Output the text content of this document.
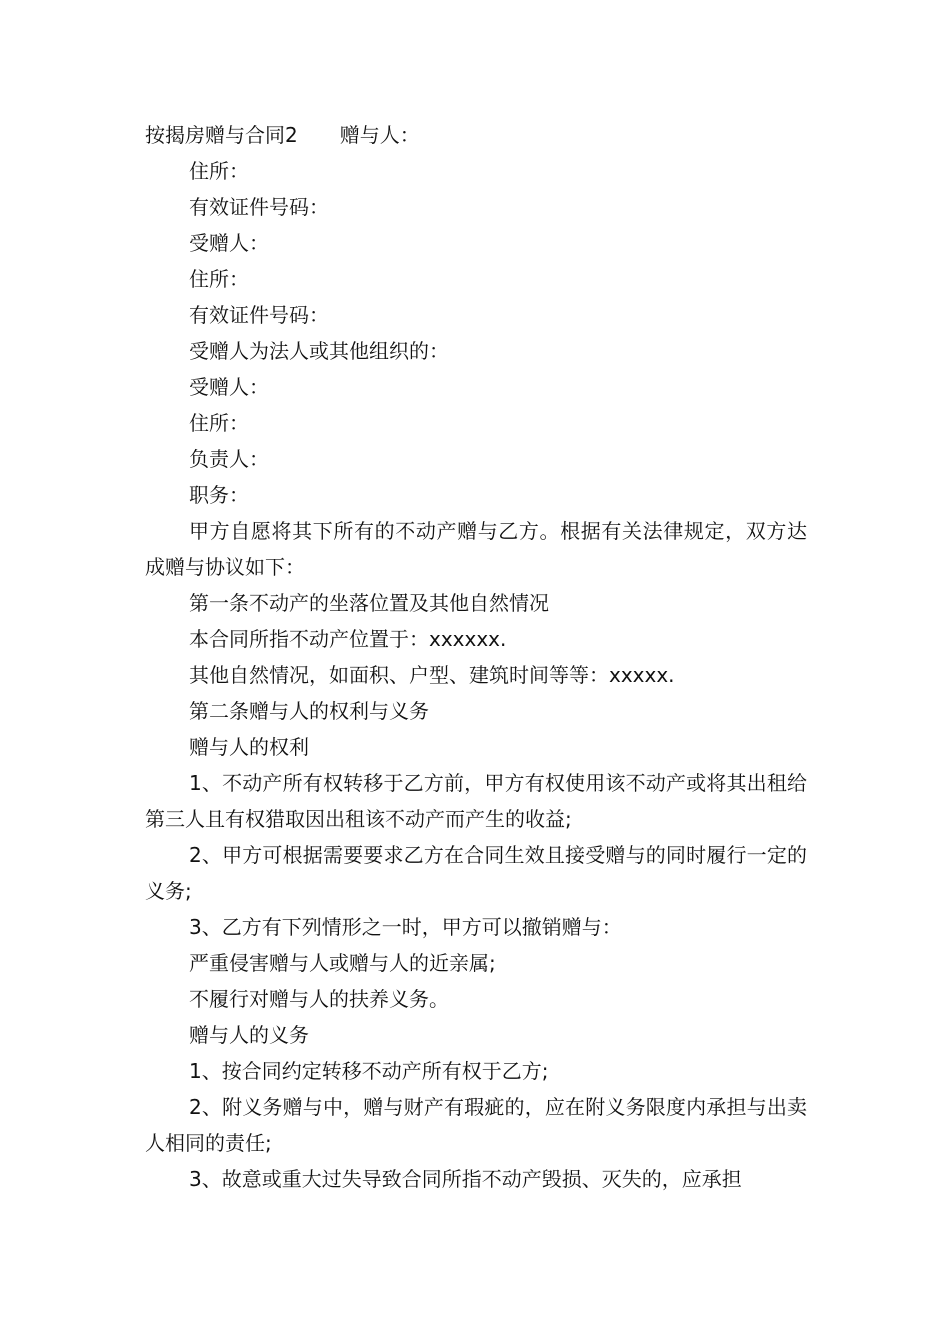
按揭房赠与合同2 赠与人：

住所：

有效证件号码：

受赠人：

住所：

有效证件号码：

受赠人为法人或其他组织的：

受赠人：

住所：

负责人：

职务：

甲方自愿将其下所有的不动产赠与乙方。根据有关法律规定，双方达成赠与协议如下：

第一条不动产的坐落位置及其他自然情况

本合同所指不动产位置于：xxxxxx.

其他自然情况，如面积、户型、建筑时间等等：xxxxx.

第二条赠与人的权利与义务

赠与人的权利

1、不动产所有权转移于乙方前，甲方有权使用该不动产或将其出租给第三人且有权猎取因出租该不动产而产生的收益;

2、甲方可根据需要要求乙方在合同生效且接受赠与的同时履行一定的义务;

3、乙方有下列情形之一时，甲方可以撤销赠与：

严重侵害赠与人或赠与人的近亲属;

不履行对赠与人的扶养义务。

赠与人的义务

1、按合同约定转移不动产所有权于乙方;

2、附义务赠与中，赠与财产有瑕疵的，应在附义务限度内承担与出卖人相同的责任;

3、故意或重大过失导致合同所指不动产毁损、灭失的，应承担
